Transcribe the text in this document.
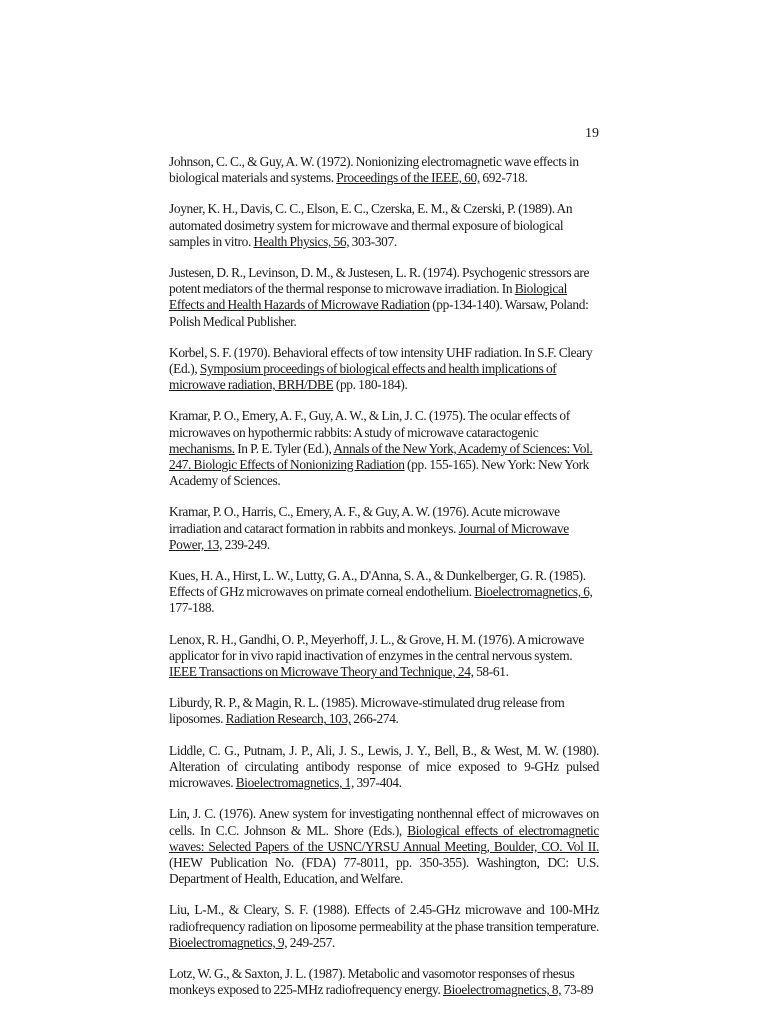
19

Johnson, C. C., & Guy, A. W. (1972). Nonionizing electromagnetic wave effects in biological materials and systems. Proceedings of the IEEE, 60, 692-718.

Joyner, K. H., Davis, C. C., Elson, E. C., Czerska, E. M., & Czerski, P. (1989). An automated dosimetry system for microwave and thermal exposure of biological samples in vitro. Health Physics, 56, 303-307.

Justesen, D. R., Levinson, D. M., & Justesen, L. R. (1974). Psychogenic stressors are potent mediators of the thermal response to microwave irradiation. In Biological Effects and Health Hazards of Microwave Radiation (pp-134-140). Warsaw, Poland: Polish Medical Publisher.

Korbel, S. F. (1970). Behavioral effects of tow intensity UHF radiation. In S.F. Cleary (Ed.), Symposium proceedings of biological effects and health implications of microwave radiation, BRH/DBE (pp. 180-184).

Kramar, P. O., Emery, A. F., Guy, A. W., & Lin, J. C. (1975). The ocular effects of microwaves on hypothermic rabbits: A study of microwave cataractogenic mechanisms. In P. E. Tyler (Ed.), Annals of the New York, Academy of Sciences: Vol. 247. Biologic Effects of Nonionizing Radiation (pp. 155-165). New York: New York Academy of Sciences.

Kramar, P. O., Harris, C., Emery, A. F., & Guy, A. W. (1976). Acute microwave irradiation and cataract formation in rabbits and monkeys. Journal of Microwave Power, 13, 239-249.

Kues, H. A., Hirst, L. W., Lutty, G. A., D'Anna, S. A., & Dunkelberger, G. R. (1985). Effects of GHz microwaves on primate corneal endothelium. Bioelectromagnetics, 6, 177-188.

Lenox, R. H., Gandhi, O. P., Meyerhoff, J. L., & Grove, H. M. (1976). A microwave applicator for in vivo rapid inactivation of enzymes in the central nervous system. IEEE Transactions on Microwave Theory and Technique, 24, 58-61.

Liburdy, R. P., & Magin, R. L. (1985). Microwave-stimulated drug release from liposomes. Radiation Research, 103, 266-274.

Liddle, C. G., Putnam, J. P., Ali, J. S., Lewis, J. Y., Bell, B., & West, M. W. (1980). Alteration of circulating antibody response of mice exposed to 9-GHz pulsed microwaves. Bioelectromagnetics, 1, 397-404.

Lin, J. C. (1976). Anew system for investigating nonthennal effect of microwaves on cells. In C.C. Johnson & ML. Shore (Eds.), Biological effects of electromagnetic waves: Selected Papers of the USNC/YRSU Annual Meeting, Boulder, CO. Vol II. (HEW Publication No. (FDA) 77-8011, pp. 350-355). Washington, DC: U.S. Department of Health, Education, and Welfare.

Liu, L-M., & Cleary, S. F. (1988). Effects of 2.45-GHz microwave and 100-MHz radiofrequency radiation on liposome permeability at the phase transition temperature. Bioelectromagnetics, 9, 249-257.

Lotz, W. G., & Saxton, J. L. (1987). Metabolic and vasomotor responses of rhesus monkeys exposed to 225-MHz radiofrequency energy. Bioelectromagnetics, 8, 73-89
